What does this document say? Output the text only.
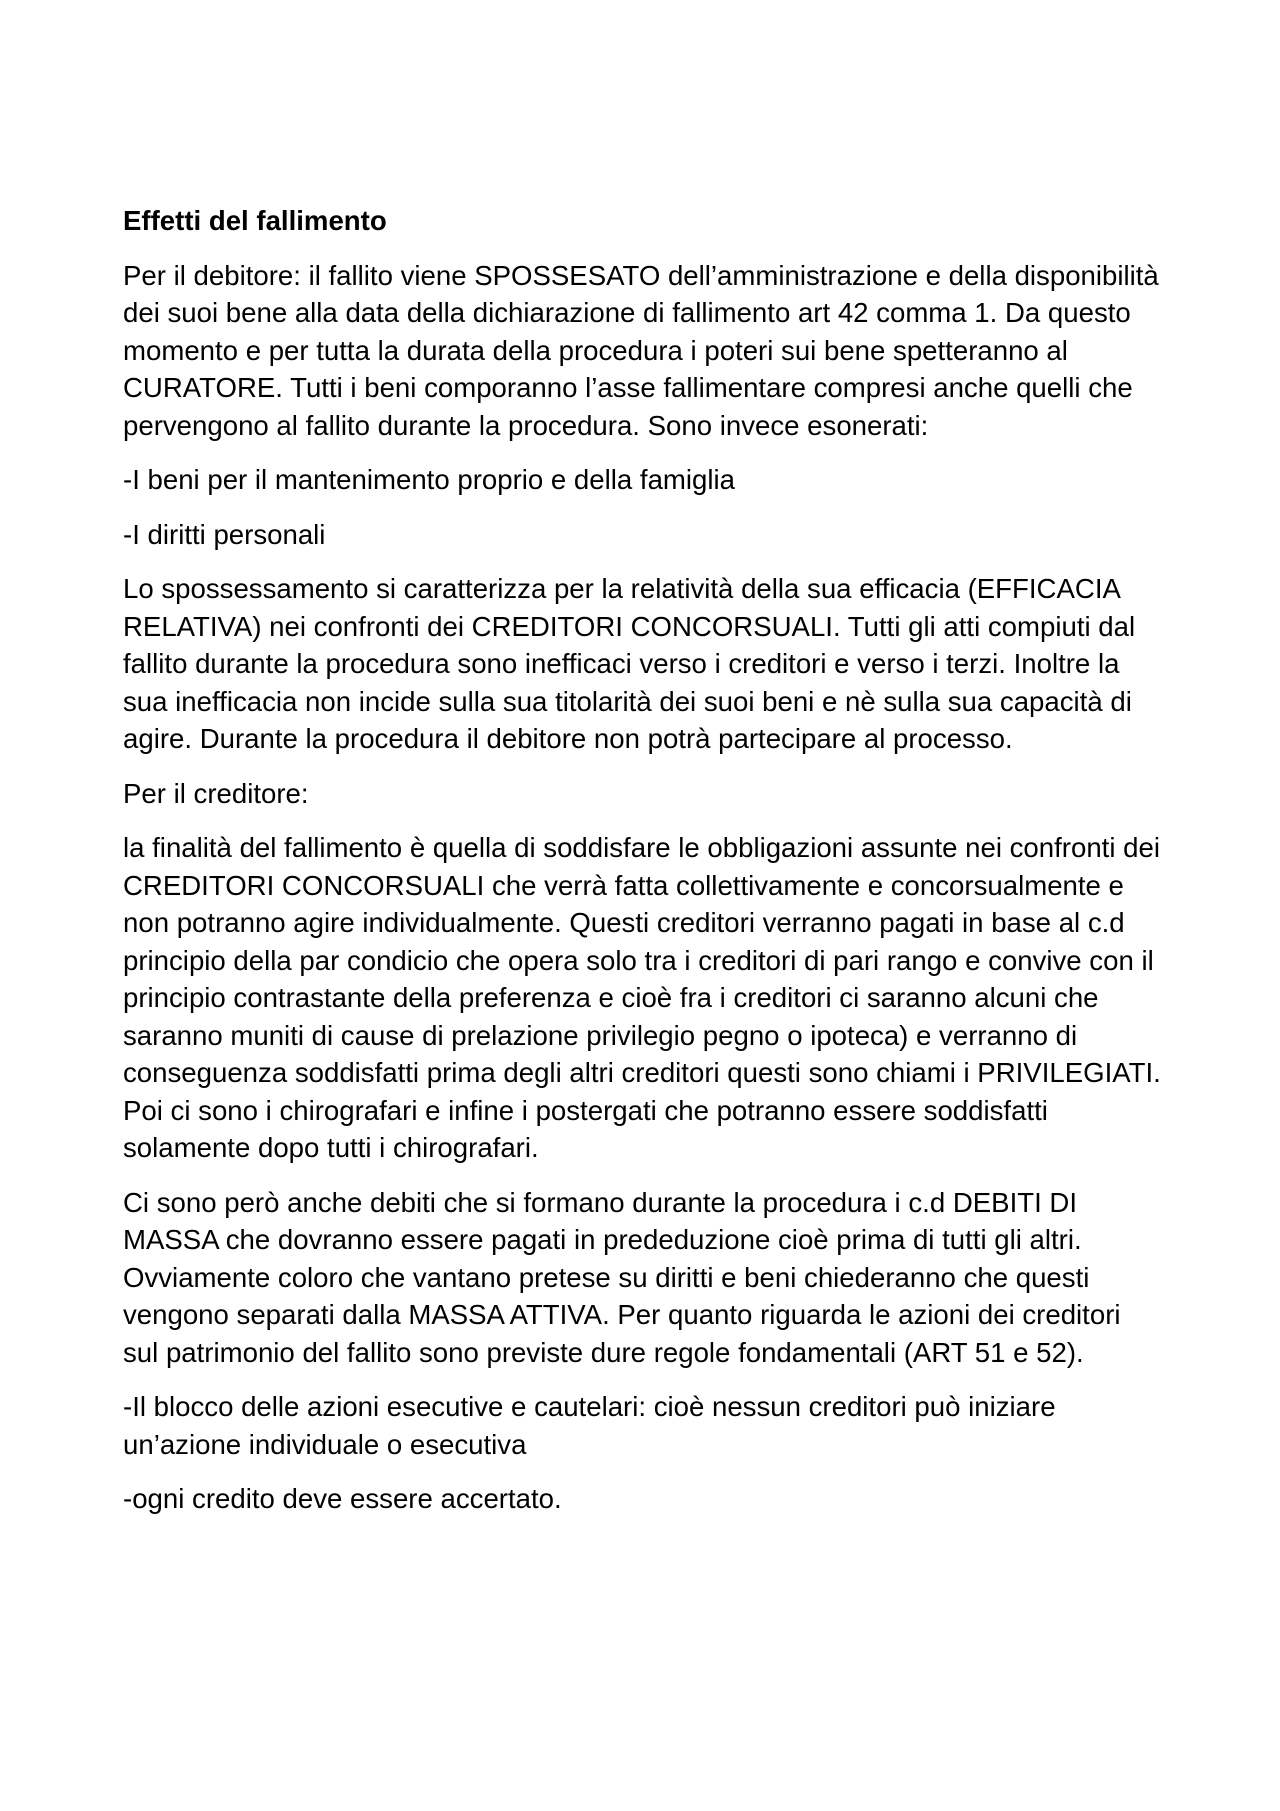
Effetti del fallimento

Per il debitore: il fallito viene SPOSSESATO dell’amministrazione e della disponibilità dei suoi bene alla data della dichiarazione di fallimento art 42 comma 1. Da questo momento e per tutta la durata della procedura i poteri sui bene spetteranno al CURATORE. Tutti i beni comporanno l’asse fallimentare compresi anche quelli che pervengono al fallito durante la procedura. Sono invece esonerati:

-I beni per il mantenimento proprio e della famiglia

-I diritti personali

Lo spossessamento si caratterizza per la relatività della sua efficacia (EFFICACIA RELATIVA) nei confronti dei CREDITORI CONCORSUALI. Tutti gli atti compiuti dal fallito durante la procedura sono inefficaci verso i creditori e verso i terzi. Inoltre la sua inefficacia non incide sulla sua titolarità dei suoi beni e nè sulla sua capacità di agire. Durante la procedura il debitore non potrà partecipare al processo.

Per il creditore:

la finalità del fallimento è quella di soddisfare le obbligazioni assunte nei confronti dei CREDITORI CONCORSUALI che verrà fatta collettivamente e concorsualmente e non potranno agire individualmente. Questi creditori verranno pagati in base al c.d principio della par condicio che opera solo tra i creditori di pari rango e convive con il principio contrastante della preferenza e cioè fra i creditori ci saranno alcuni che saranno muniti di cause di prelazione privilegio pegno o ipoteca) e verranno di conseguenza soddisfatti prima degli altri creditori questi sono chiami i PRIVILEGIATI. Poi ci sono i chirografari e infine i postergati che potranno essere soddisfatti solamente dopo tutti i chirografari.

Ci sono però anche debiti che si formano durante la procedura i c.d DEBITI DI MASSA che dovranno essere pagati in prededuzione cioè prima di tutti gli altri. Ovviamente coloro che vantano pretese su diritti e beni chiederanno che questi vengono separati dalla MASSA ATTIVA. Per quanto riguarda le azioni dei creditori sul patrimonio del fallito sono previste dure regole fondamentali (ART 51 e 52).

-Il blocco delle azioni esecutive e cautelari: cioè nessun creditori può iniziare un’azione individuale o esecutiva

-ogni credito deve essere accertato.
